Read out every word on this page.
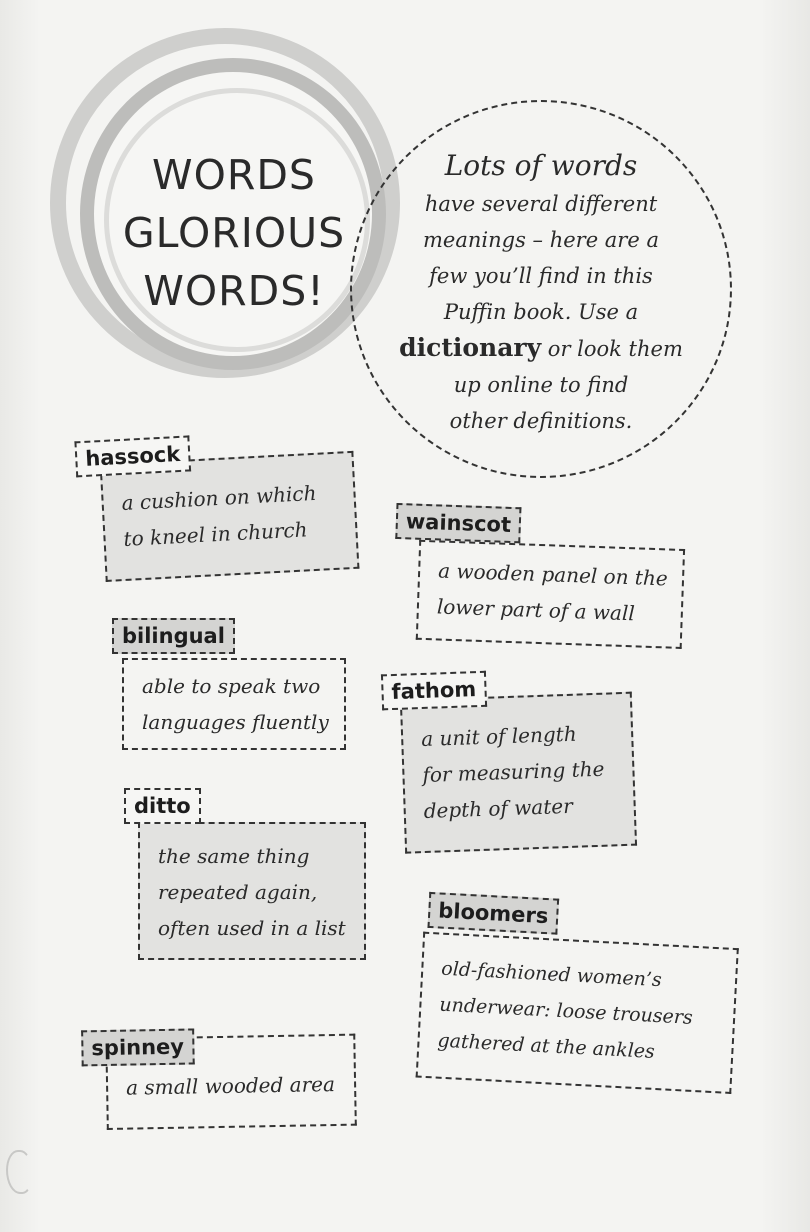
WORDS
GLORIOUS
WORDS!

Lots of words
have several different
meanings – here are a
few you’ll find in this
Puffin book. Use a
dictionary or look them
up online to find
other definitions.

hassock
a cushion on which
to kneel in church	wainscot
a wooden panel on the
lower part of a wall
bilingual
able to speak two
languages fluently
fathom
a unit of length
for measuring the
depth of water
ditto
the same thing
repeated again,
often used in a list	bloomers
old-fashioned women’s
underwear: loose trousers
gathered at the ankles
spinney
a small wooded area
